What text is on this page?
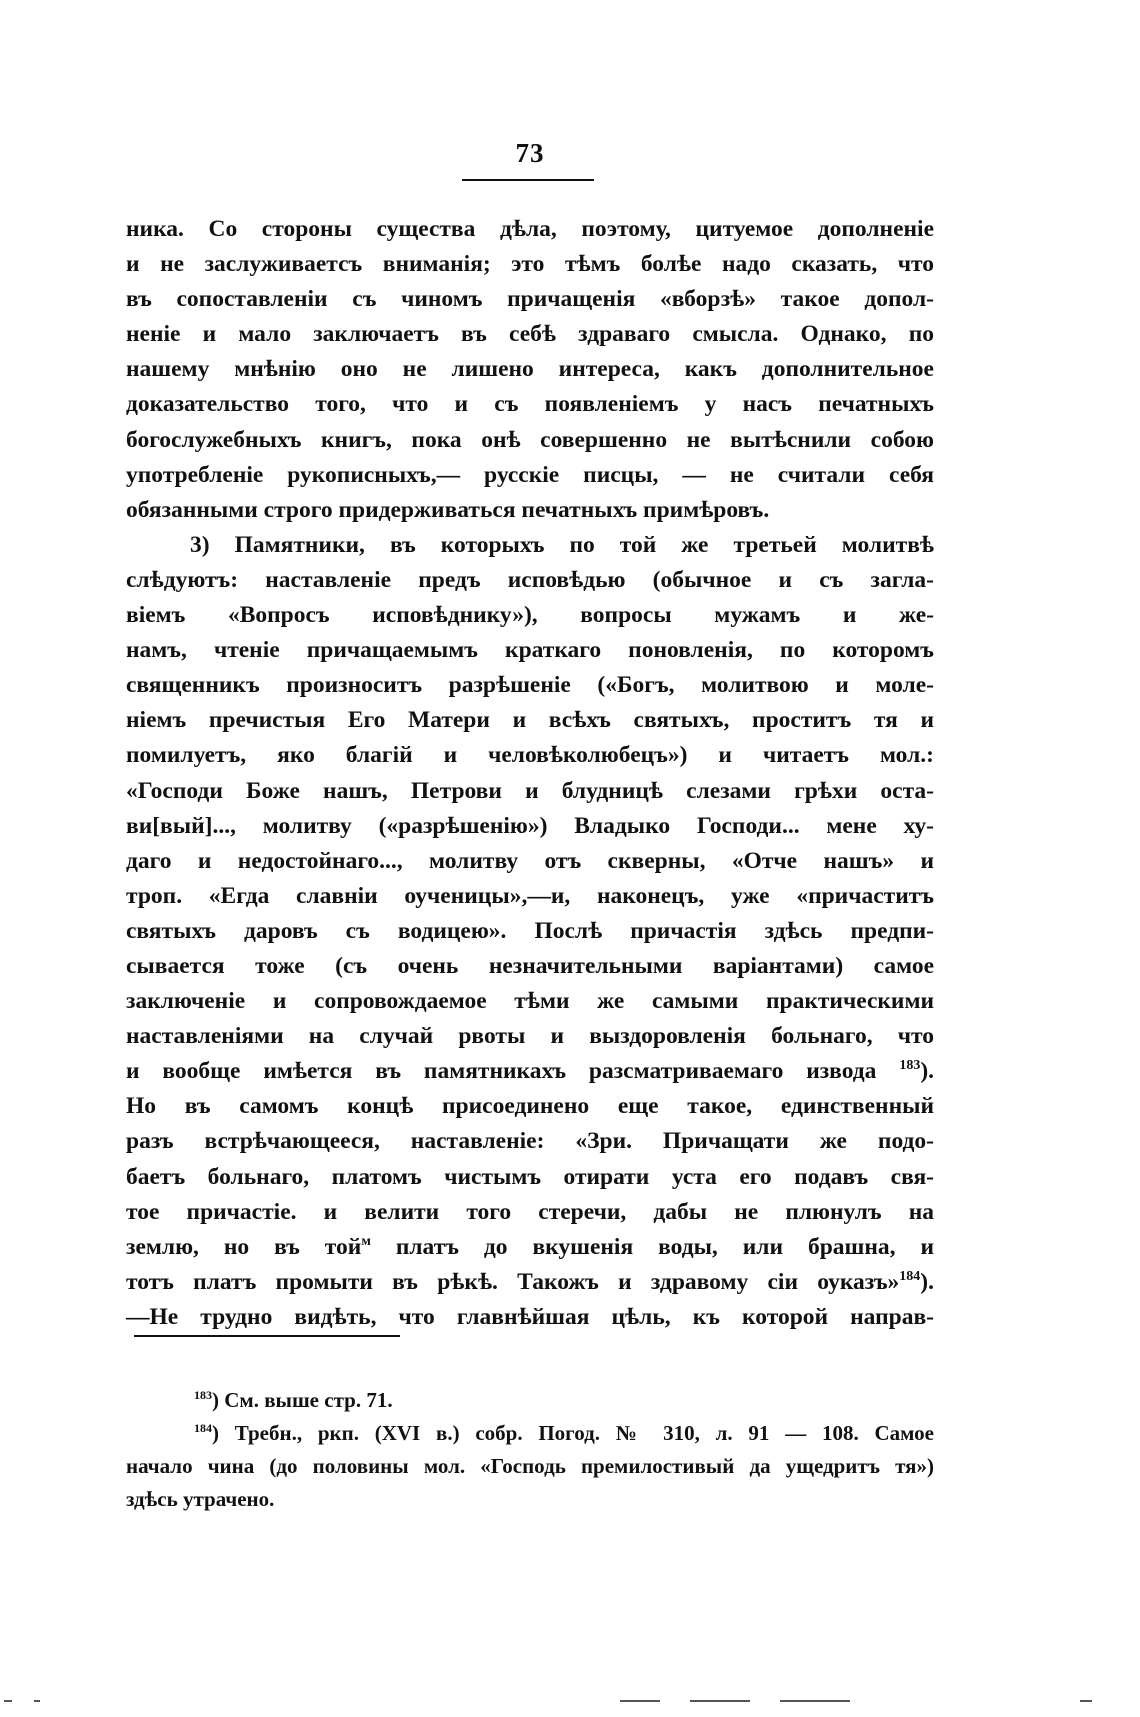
73
ника. Со стороны существа дѣла, поэтому, цитуемое дополненіе
и не заслуживаетсъ вниманія; это тѣмъ болѣе надо сказать, что
въ сопоставленіи съ чиномъ причащенія «вборзѣ» такое допол-
неніе и мало заключаетъ въ себѣ здраваго смысла. Однако, по
нашему мнѣнію оно не лишено интереса, какъ дополнительное
доказательство того, что и съ появленіемъ у насъ печатныхъ
богослужебныхъ книгъ, пока онѣ совершенно не вытѣснили собою
употребленіе рукописныхъ,— русскіе писцы, — не считали себя
обязанными строго придерживаться печатныхъ примѣровъ.
3) Памятники, въ которыхъ по той же третьей молитвѣ
слѣдуютъ: наставленіе предъ исповѣдью (обычное и съ загла-
віемъ «Вопросъ исповѣднику»), вопросы мужамъ и же-
намъ, чтеніе причащаемымъ краткаго поновленія, по которомъ
священникъ произноситъ разрѣшеніе («Богъ, молитвою и моле-
ніемъ пречистыя Его Матери и всѣхъ святыхъ, проститъ тя и
помилуетъ, яко благій и человѣколюбецъ») и читаетъ мол.:
«Господи Боже нашъ, Петрови и блудницѣ слезами грѣхи оста-
ви[вый]..., молитву («разрѣшенію») Владыко Господи... мене ху-
даго и недостойнаго..., молитву отъ скверны, «Отче нашъ» и
троп. «Егда славніи оученицы»,—и, наконецъ, уже «причаститъ
святыхъ даровъ съ водицею». Послѣ причастія здѣсь предпи-
сывается тоже (съ очень незначительными варіантами) самое
заключеніе и сопровождаемое тѣми же самыми практическими
наставленіями на случай рвоты и выздоровленія больнаго, что
и вообще имѣется въ памятникахъ разсматриваемаго извода $^{183}$).
Но въ самомъ концѣ присоединено еще такое, единственный
разъ встрѣчающееся, наставленіе: «Зри. Причащати же подо-
баетъ больнаго, платомъ чистымъ отирати уста его подавъ свя-
тое причастіе. и велити того стеречи, дабы не плюнулъ на
землю, но въ той$^м$ платъ до вкушенія воды, или брашна, и
тотъ платъ промыти въ рѣкѣ. Такожъ и здравому сіи оуказъ»$^{184}$).
—Не трудно видѣть, что главнѣйшая цѣль, къ которой направ-
$^{183}$) См. выше стр. 71.
$^{184}$) Требн., ркп. (XVI в.) собр. Погод. № 310, л. 91 — 108. Самое
начало чина (до половины мол. «Господь премилостивый да ущедритъ тя»)
здѣсь утрачено.
